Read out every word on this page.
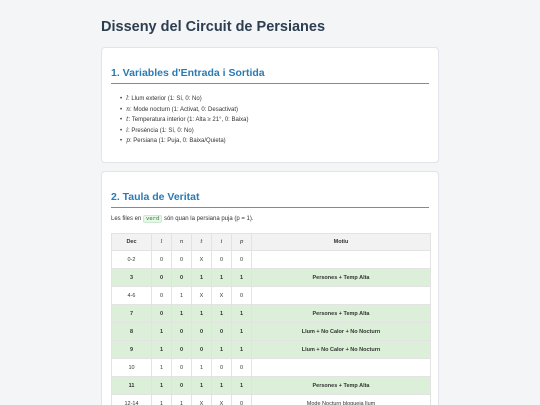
Disseny del Circuit de Persianes
1. Variables d'Entrada i Sortida
• l: Llum exterior (1: Sí, 0: No)
• n: Mode nocturn (1: Activat, 0: Desactivat)
• t: Temperatura interior (1: Alta ≥ 21°, 0: Baixa)
• i: Presència (1: Sí, 0: No)
• p: Persiana (1: Puja, 0: Baixa/Quieta)
2. Taula de Veritat
Les files en verd són quan la persiana puja (p = 1).
Dec	l	n	t	i	p	Motiu
0-2	0	0	X	0	0	
3	0	0	1	1	1	Persones + Temp Alta
4-6	0	1	X	X	0	
7	0	1	1	1	1	Persones + Temp Alta
8	1	0	0	0	1	Llum + No Calor + No Nocturn
9	1	0	0	1	1	Llum + No Calor + No Nocturn
10	1	0	1	0	0	
11	1	0	1	1	1	Persones + Temp Alta
12-14	1	1	X	X	0	Mode Nocturn bloqueja llum
